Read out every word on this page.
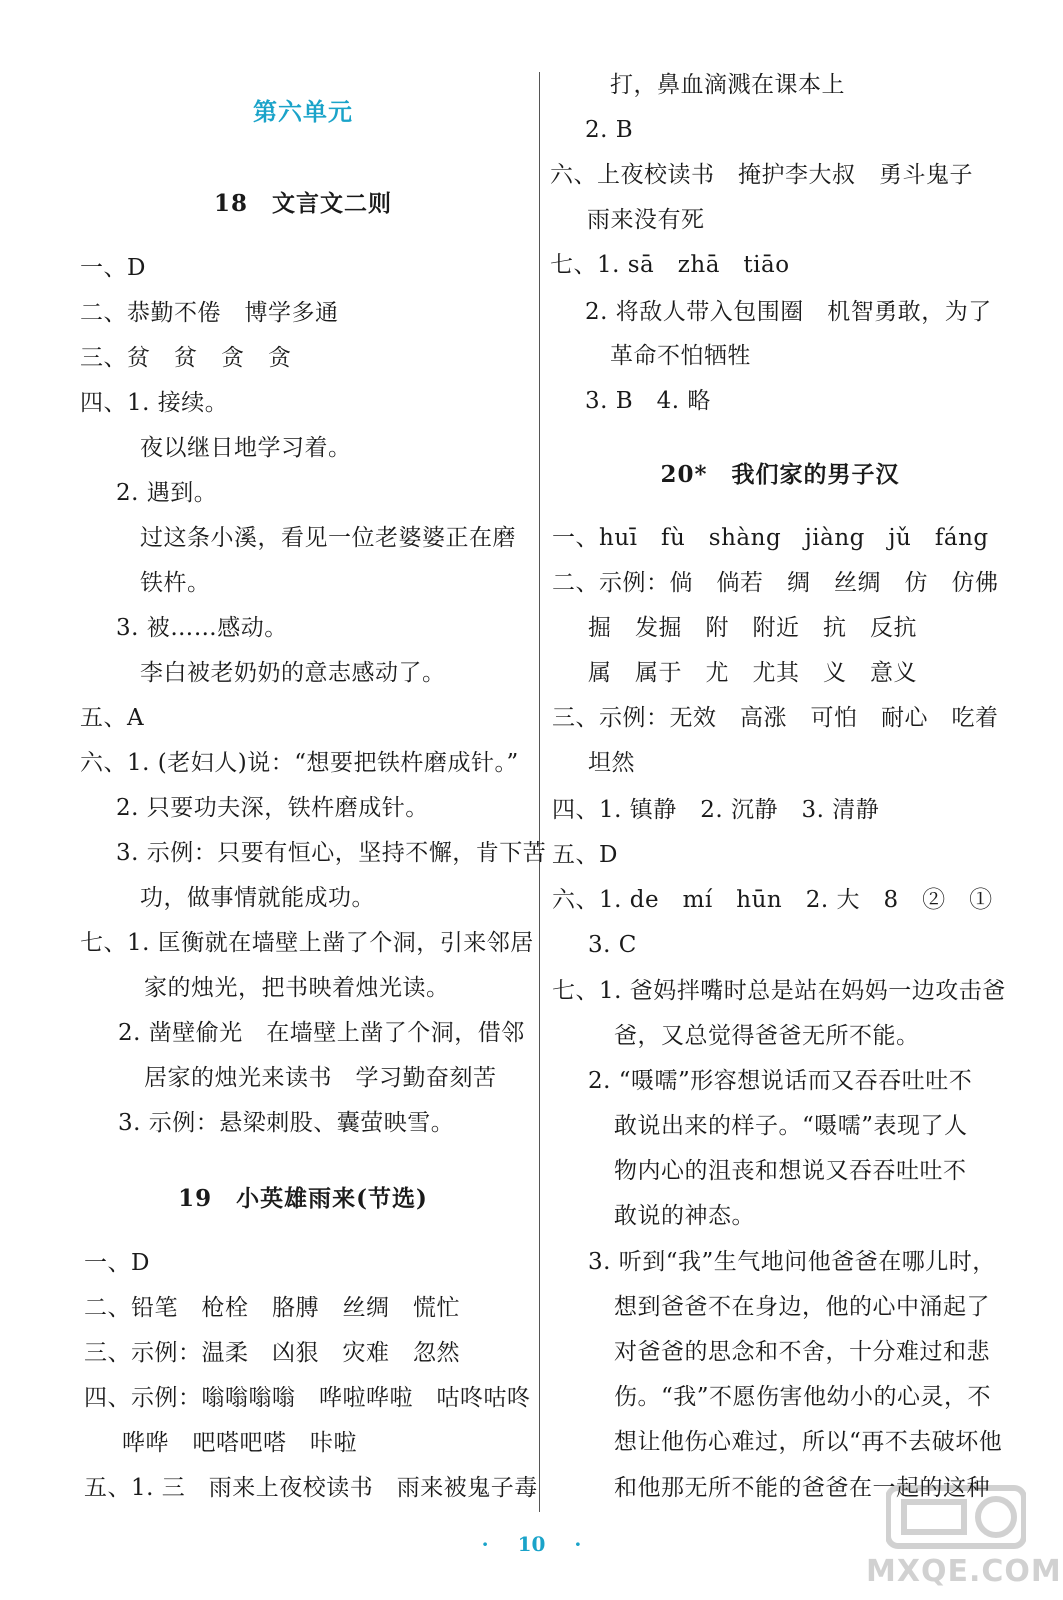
第六单元
18　文言文二则
19　小英雄雨来(节选)
20*　我们家的男子汉
一、D
二、恭勤不倦　博学多通
三、贫　贫　贪　贪
四、1. 接续。
夜以继日地学习着。
2. 遇到。
过这条小溪，看见一位老婆婆正在磨
铁杵。
3. 被……感动。
李白被老奶奶的意志感动了。
五、A
六、1. (老妇人)说：“想要把铁杵磨成针。”
2. 只要功夫深，铁杵磨成针。
3. 示例：只要有恒心，坚持不懈，肯下苦
功，做事情就能成功。
七、1. 匡衡就在墙壁上凿了个洞，引来邻居
家的烛光，把书映着烛光读。
2. 凿壁偷光　在墙壁上凿了个洞，借邻
居家的烛光来读书　学习勤奋刻苦
3. 示例：悬梁刺股、囊萤映雪。
一、D
二、铅笔　枪栓　胳膊　丝绸　慌忙
三、示例：温柔　凶狠　灾难　忽然
四、示例：嗡嗡嗡嗡　哗啦哗啦　咕咚咕咚
哗哗　吧嗒吧嗒　咔啦
五、1. 三　雨来上夜校读书　雨来被鬼子毒
打，鼻血滴溅在课本上
2. B
六、上夜校读书　掩护李大叔　勇斗鬼子
雨来没有死
七、1. sā　zhā　tiāo
2. 将敌人带入包围圈　机智勇敢，为了
革命不怕牺牲
3. B　4. 略
一、huī　fù　shàng　jiàng　jǔ　fáng
二、示例：倘　倘若　绸　丝绸　仿　仿佛
掘　发掘　附　附近　抗　反抗
属　属于　尤　尤其　义　意义
三、示例：无效　高涨　可怕　耐心　吃着
坦然
四、1. 镇静　2. 沉静　3. 清静
五、D
六、1. de　mí　hūn　2. 大　8　②　①
3. C
七、1. 爸妈拌嘴时总是站在妈妈一边攻击爸
爸，又总觉得爸爸无所不能。
2. “嗫嚅”形容想说话而又吞吞吐吐不
敢说出来的样子。“嗫嚅”表现了人
物内心的沮丧和想说又吞吞吐吐不
敢说的神态。
3. 听到“我”生气地问他爸爸在哪儿时，
想到爸爸不在身边，他的心中涌起了
对爸爸的思念和不舍，十分难过和悲
伤。“我”不愿伤害他幼小的心灵，不
想让他伤心难过，所以“再不去破坏他
和他那无所不能的爸爸在一起的这种
· 10 ·
MXQE.COM
